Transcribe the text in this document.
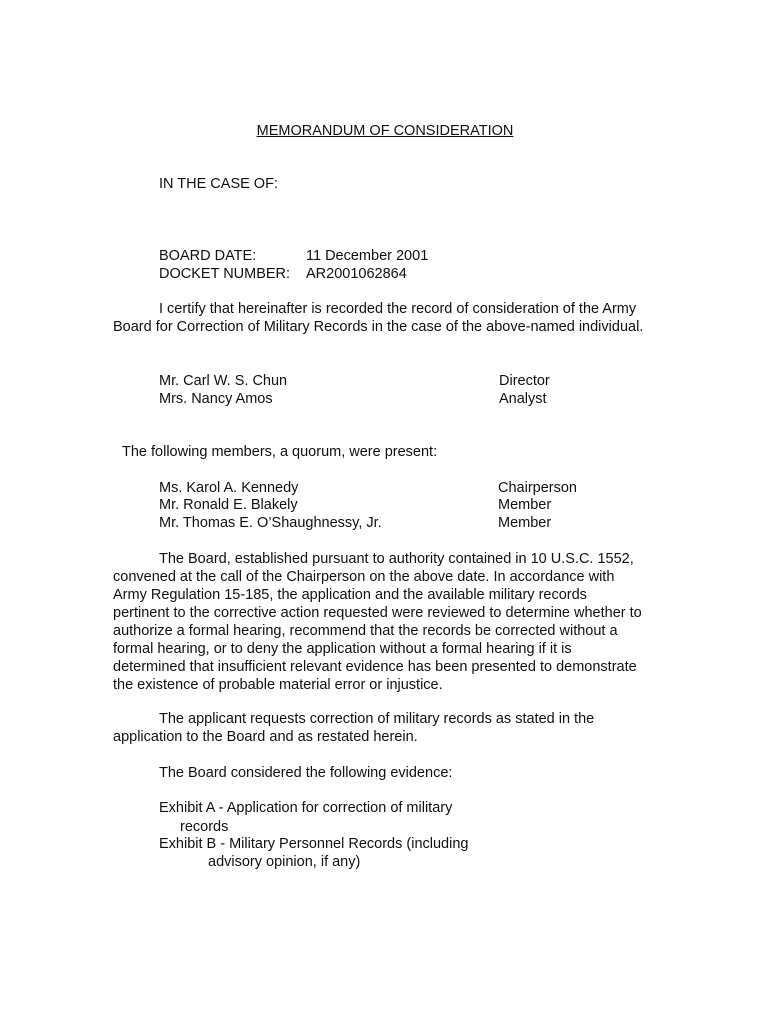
MEMORANDUM OF CONSIDERATION
IN THE CASE OF:
BOARD DATE:	11 December 2001
DOCKET NUMBER: AR2001062864
I certify that hereinafter is recorded the record of consideration of the Army Board for Correction of Military Records in the case of the above-named individual.
Mr. Carl W. S. Chun	Director
Mrs. Nancy Amos	Analyst
The following members, a quorum, were present:
Ms. Karol A. Kennedy	Chairperson
Mr. Ronald E. Blakely	Member
Mr. Thomas E. O’Shaughnessy, Jr.	Member
The Board, established pursuant to authority contained in 10 U.S.C. 1552, convened at the call of the Chairperson on the above date. In accordance with Army Regulation 15-185, the application and the available military records pertinent to the corrective action requested were reviewed to determine whether to authorize a formal hearing, recommend that the records be corrected without a formal hearing, or to deny the application without a formal hearing if it is determined that insufficient relevant evidence has been presented to demonstrate the existence of probable material error or injustice.
The applicant requests correction of military records as stated in the application to the Board and as restated herein.
The Board considered the following evidence:
Exhibit A - Application for correction of military
records
Exhibit B - Military Personnel Records (including
advisory opinion, if any)
